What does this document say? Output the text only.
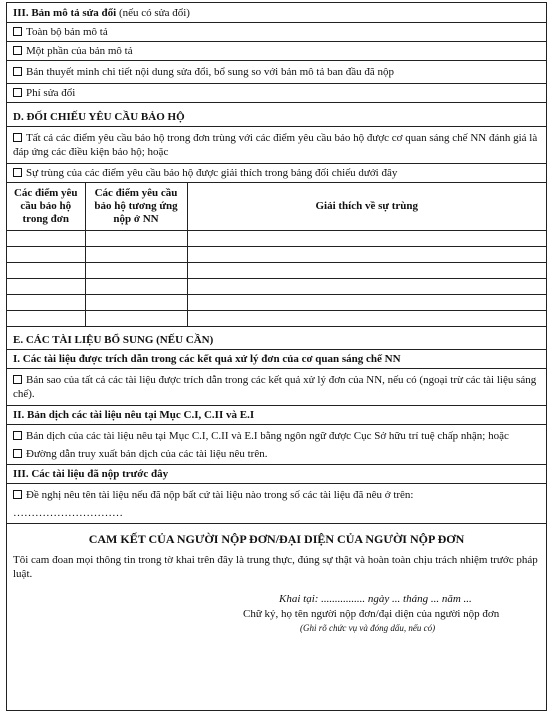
III. Bản mô tả sửa đổi (nếu có sửa đổi)
Toàn bộ bản mô tả
Một phần của bản mô tả
Bản thuyết minh chi tiết nội dung sửa đổi, bổ sung so với bản mô tả ban đầu đã nộp
Phí sửa đổi
D. ĐỐI CHIẾU YÊU CẦU BẢO HỘ
Tất cả các điểm yêu cầu bảo hộ trong đơn trùng với các điểm yêu cầu bảo hộ được cơ quan sáng chế NN đánh giá là đáp ứng các điều kiện bảo hộ; hoặc
Sự trùng của các điểm yêu cầu bảo hộ được giải thích trong bảng đối chiếu dưới đây
Các điểm yêu cầu bảo hộ trong đơn	Các điểm yêu cầu bảo hộ tương ứng nộp ở NN	Giải thích về sự trùng

E. CÁC TÀI LIỆU BỔ SUNG (NẾU CẦN)
I. Các tài liệu được trích dẫn trong các kết quả xử lý đơn của cơ quan sáng chế NN
Bản sao của tất cả các tài liệu được trích dẫn trong các kết quả xử lý đơn của NN, nếu có (ngoại trừ các tài liệu sáng chế).
II. Bản dịch các tài liệu nêu tại Mục C.I, C.II và E.I
Bản dịch của các tài liệu nêu tại Mục C.I, C.II và E.I bằng ngôn ngữ được Cục Sở hữu trí tuệ chấp nhận; hoặc
Đường dẫn truy xuất bản dịch của các tài liệu nêu trên.
III. Các tài liệu đã nộp trước đây
Đề nghị nêu tên tài liệu nếu đã nộp bất cứ tài liệu nào trong số các tài liệu đã nêu ở trên:
…………………………
CAM KẾT CỦA NGƯỜI NỘP ĐƠN/ĐẠI DIỆN CỦA NGƯỜI NỘP ĐƠN
Tôi cam đoan mọi thông tin trong tờ khai trên đây là trung thực, đúng sự thật và hoàn toàn chịu trách nhiệm trước pháp luật.
Khai tại: ................ ngày ... tháng ... năm ...
Chữ ký, họ tên người nộp đơn/đại diện của người nộp đơn
(Ghi rõ chức vụ và đóng dấu, nếu có)
